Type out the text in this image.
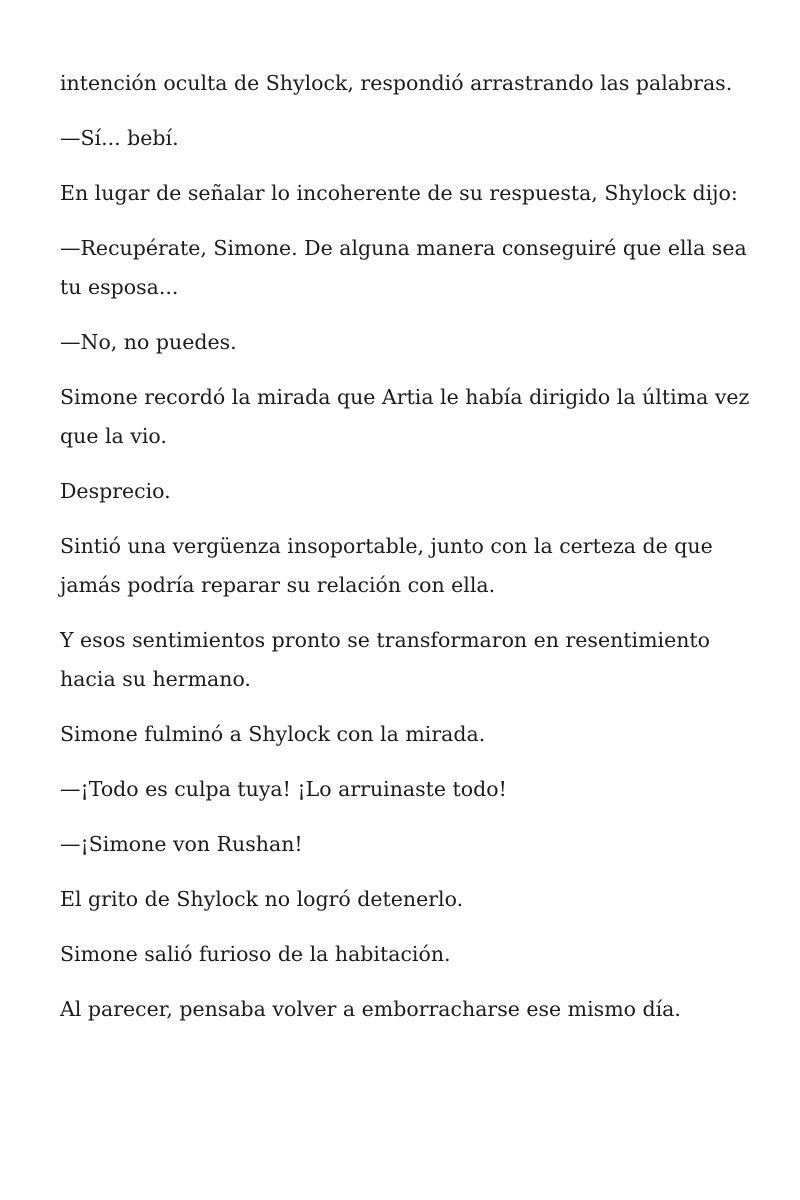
intención oculta de Shylock, respondió arrastrando las palabras.

—Sí... bebí.

En lugar de señalar lo incoherente de su respuesta, Shylock dijo:

—Recupérate, Simone. De alguna manera conseguiré que ella sea tu esposa...

—No, no puedes.

Simone recordó la mirada que Artia le había dirigido la última vez que la vio.

Desprecio.

Sintió una vergüenza insoportable, junto con la certeza de que jamás podría reparar su relación con ella.

Y esos sentimientos pronto se transformaron en resentimiento hacia su hermano.

Simone fulminó a Shylock con la mirada.

—¡Todo es culpa tuya! ¡Lo arruinaste todo!

—¡Simone von Rushan!

El grito de Shylock no logró detenerlo.

Simone salió furioso de la habitación.

Al parecer, pensaba volver a emborracharse ese mismo día.
